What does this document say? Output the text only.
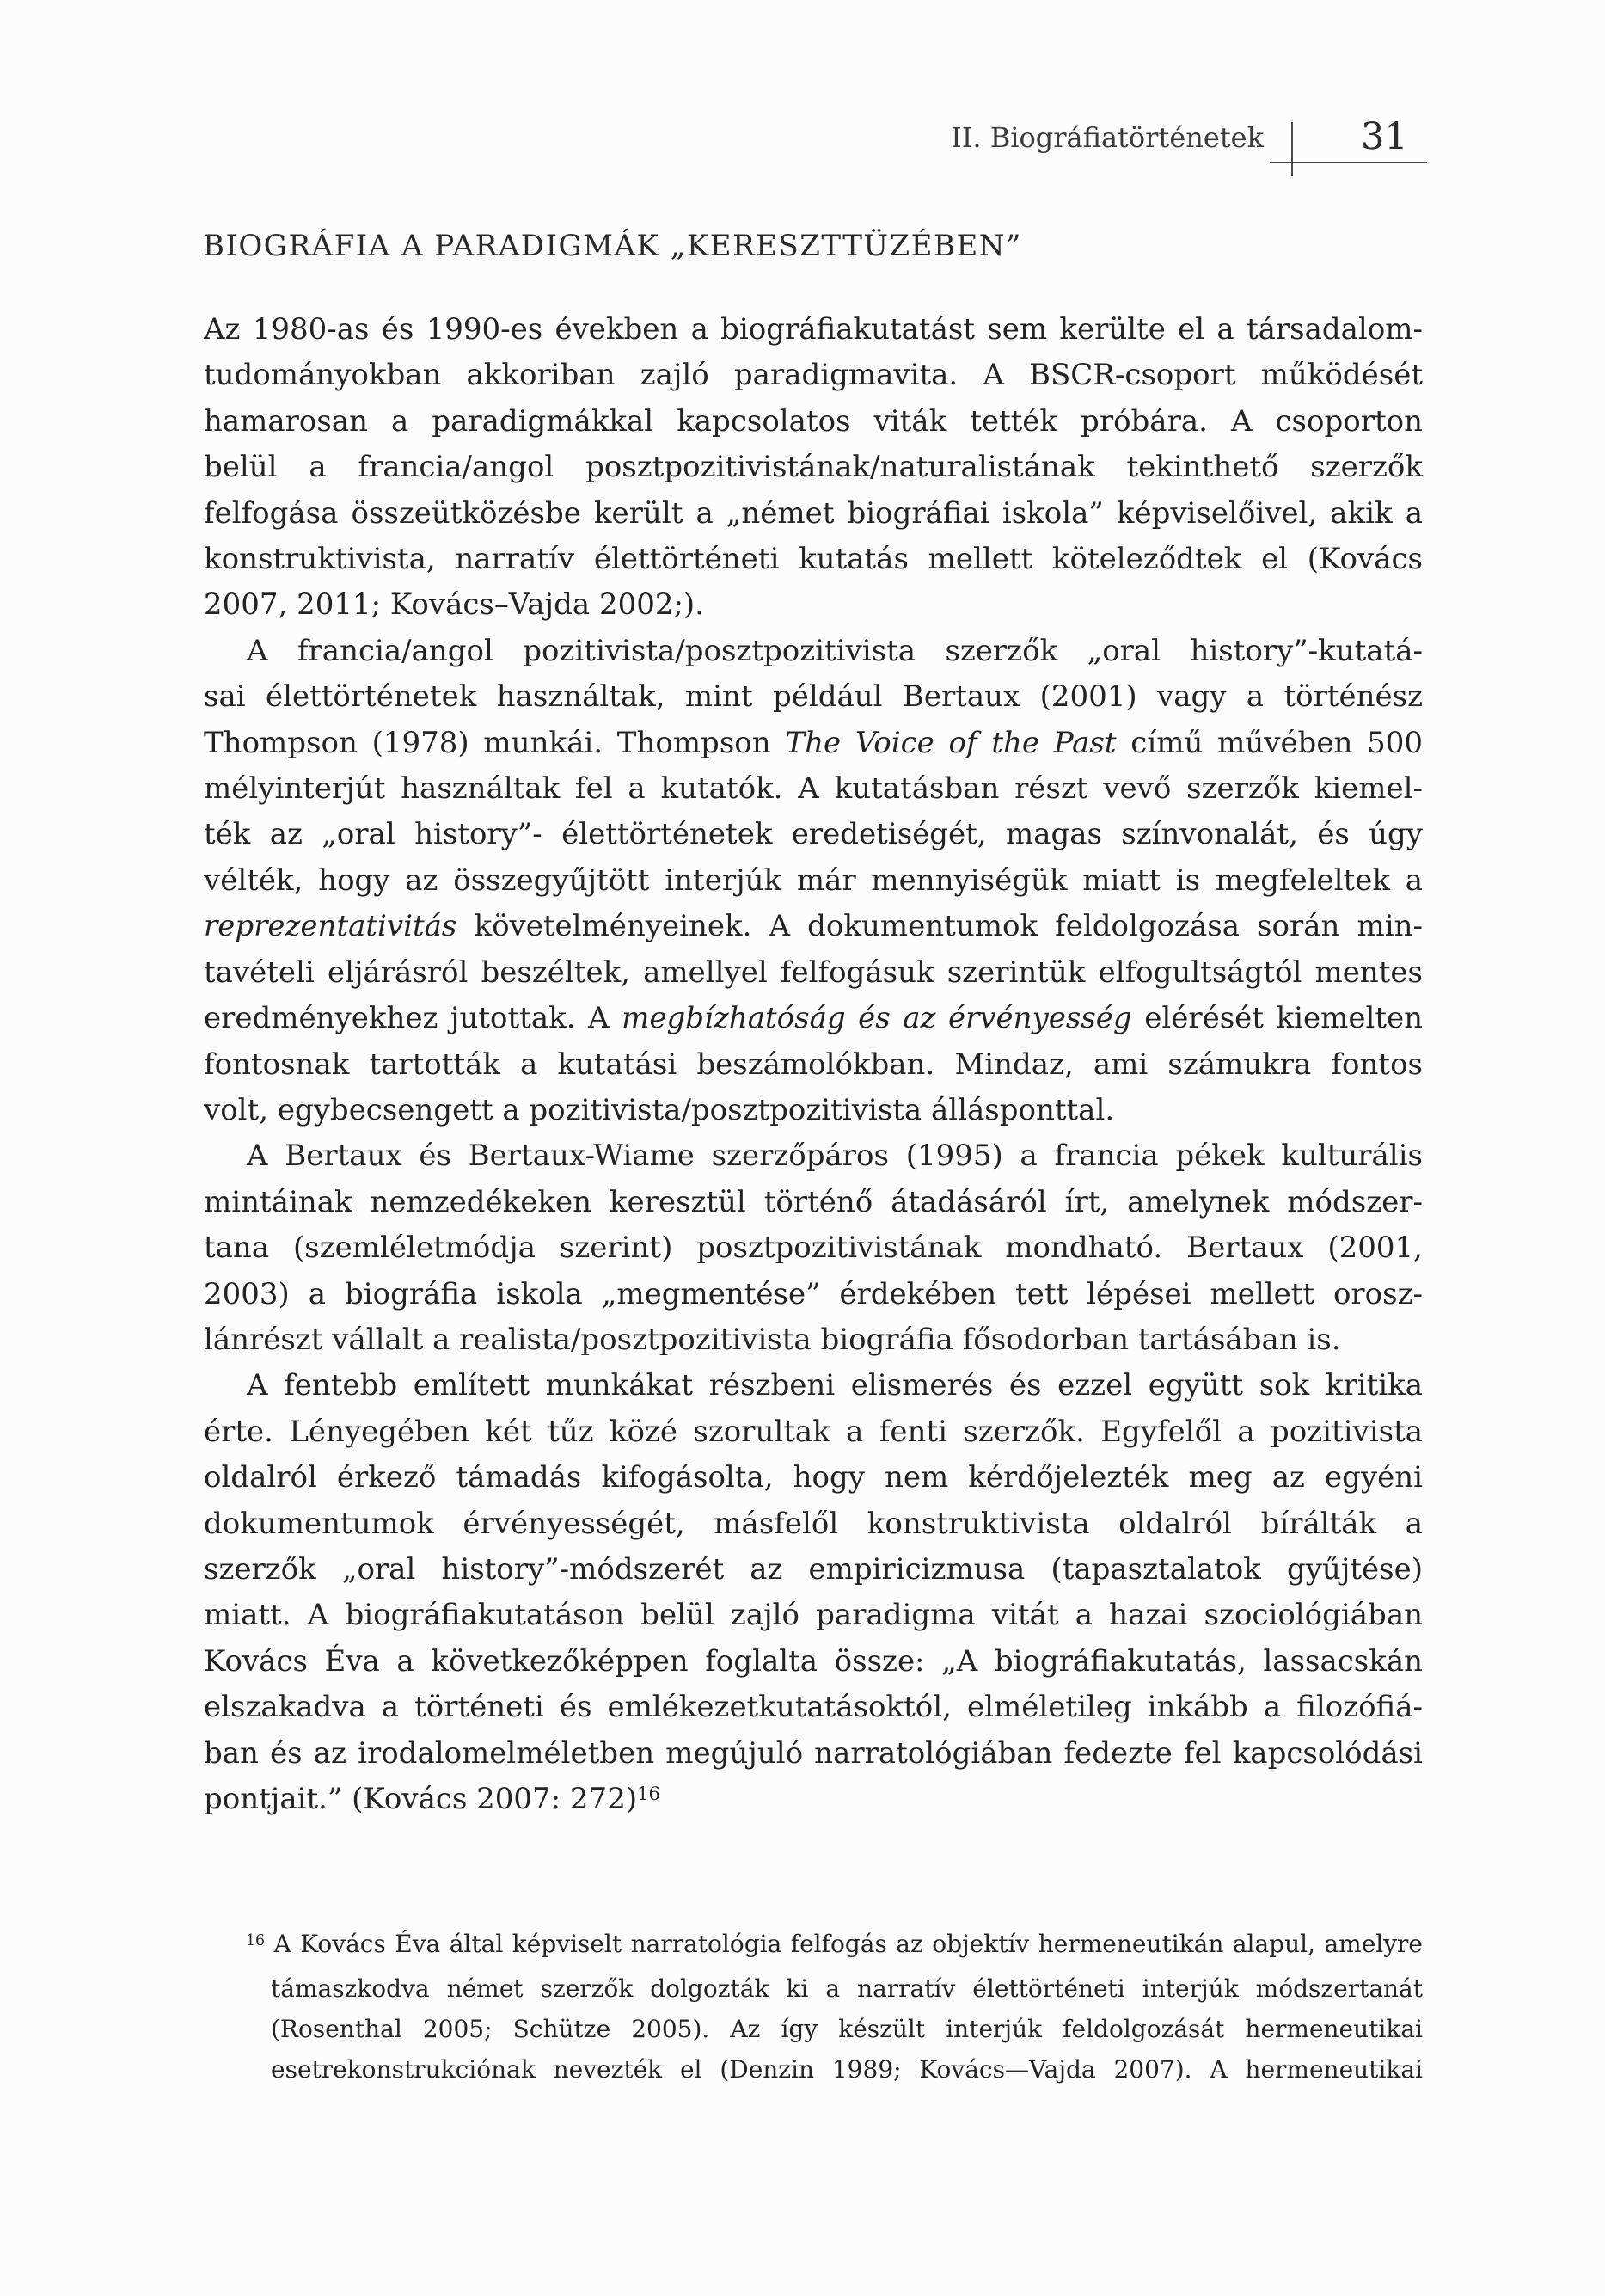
II. Biográfiatörténetek	31
BIOGRÁFIA A PARADIGMÁK „KERESZTTÜZÉBEN”

Az 1980-as és 1990-es években a biográfiakutatást sem kerülte el a társadalom-
tudományokban akkoriban zajló paradigmavita. A BSCR-csoport működését
hamarosan a paradigmákkal kapcsolatos viták tették próbára. A csoporton
belül a francia/angol posztpozitivistának/naturalistának tekinthető szerzők
felfogása összeütközésbe került a „német biográfiai iskola” képviselőivel, akik a
konstruktivista, narratív élettörténeti kutatás mellett köteleződtek el (Kovács
2007, 2011; Kovács–Vajda 2002;).

A francia/angol pozitivista/posztpozitivista szerzők „oral history”-kutatá-
sai élettörténetek használtak, mint például Bertaux (2001) vagy a történész
Thompson (1978) munkái. Thompson The Voice of the Past című művében 500
mélyinterjút használtak fel a kutatók. A kutatásban részt vevő szerzők kiemel-
ték az „oral history”- élettörténetek eredetiségét, magas színvonalát, és úgy
vélték, hogy az összegyűjtött interjúk már mennyiségük miatt is megfeleltek a
reprezentativitás követelményeinek. A dokumentumok feldolgozása során min-
tavételi eljárásról beszéltek, amellyel felfogásuk szerintük elfogultságtól mentes
eredményekhez jutottak. A megbízhatóság és az érvényesség elérését kiemelten
fontosnak tartották a kutatási beszámolókban. Mindaz, ami számukra fontos
volt, egybecsengett a pozitivista/posztpozitivista állásponttal.

A Bertaux és Bertaux-Wiame szerzőpáros (1995) a francia pékek kulturális
mintáinak nemzedékeken keresztül történő átadásáról írt, amelynek módszer-
tana (szemléletmódja szerint) posztpozitivistának mondható. Bertaux (2001,
2003) a biográfia iskola „megmentése” érdekében tett lépései mellett orosz-
lánrészt vállalt a realista/posztpozitivista biográfia fősodorban tartásában is.

A fentebb említett munkákat részbeni elismerés és ezzel együtt sok kritika
érte. Lényegében két tűz közé szorultak a fenti szerzők. Egyfelől a pozitivista
oldalról érkező támadás kifogásolta, hogy nem kérdőjelezték meg az egyéni
dokumentumok érvényességét, másfelől konstruktivista oldalról bírálták a
szerzők „oral history”-módszerét az empiricizmusa (tapasztalatok gyűjtése)
miatt. A biográfiakutatáson belül zajló paradigma vitát a hazai szociológiában
Kovács Éva a következőképpen foglalta össze: „A biográfiakutatás, lassacskán
elszakadva a történeti és emlékezetkutatásoktól, elméletileg inkább a filozófiá-
ban és az irodalomelméletben megújuló narratológiában fedezte fel kapcsolódási
pontjait.” (Kovács 2007: 272)$^{16}$

$^{16}$ A Kovács Éva által képviselt narratológia felfogás az objektív hermeneutikán alapul, amelyre
támaszkodva német szerzők dolgozták ki a narratív élettörténeti interjúk módszertanát
(Rosenthal 2005; Schütze 2005). Az így készült interjúk feldolgozását hermeneutikai
esetrekonstrukciónak nevezték el (Denzin 1989; Kovács—Vajda 2007). A hermeneutikai
